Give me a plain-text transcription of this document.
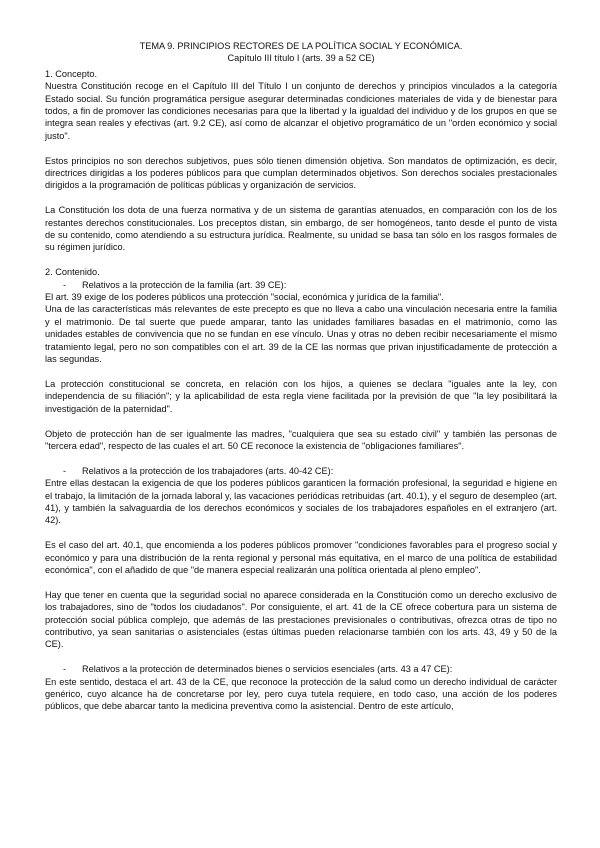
TEMA 9. PRINCIPIOS RECTORES DE LA POLÍTICA SOCIAL Y ECONÓMICA.
Capítulo III título I (arts. 39 a 52 CE)
1. Concepto.

Nuestra Constitución recoge en el Capítulo III del Título I un conjunto de derechos y principios vinculados a la categoría Estado social. Su función programática persigue asegurar determinadas condiciones materiales de vida y de bienestar para todos, a fin de promover las condiciones necesarias para que la libertad y la igualdad del individuo y de los grupos en que se integra sean reales y efectivas (art. 9.2 CE), así como de alcanzar el objetivo programático de un "orden económico y social justo".

Estos principios no son derechos subjetivos, pues sólo tienen dimensión objetiva. Son mandatos de optimización, es decir, directrices dirigidas a los poderes públicos para que cumplan determinados objetivos. Son derechos sociales prestacionales dirigidos a la programación de políticas públicas y organización de servicios.

La Constitución los dota de una fuerza normativa y de un sistema de garantías atenuados, en comparación con los de los restantes derechos constitucionales. Los preceptos distan, sin embargo, de ser homogéneos, tanto desde el punto de vista de su contenido, como atendiendo a su estructura jurídica. Realmente, su unidad se basa tan sólo en los rasgos formales de su régimen jurídico.

2. Contenido.
-	Relativos a la protección de la familia (art. 39 CE):

El art. 39 exige de los poderes públicos una protección "social, económica y jurídica de la familia".

Una de las características más relevantes de este precepto es que no lleva a cabo una vinculación necesaria entre la familia y el matrimonio. De tal suerte que puede amparar, tanto las unidades familiares basadas en el matrimonio, como las unidades estables de convivencia que no se fundan en ese vínculo. Unas y otras no deben recibir necesariamente el mismo tratamiento legal, pero no son compatibles con el art. 39 de la CE las normas que privan injustificadamente de protección a las segundas.

La protección constitucional se concreta, en relación con los hijos, a quienes se declara "iguales ante la ley, con independencia de su filiación"; y la aplicabilidad de esta regla viene facilitada por la previsión de que "la ley posibilitará la investigación de la paternidad".

Objeto de protección han de ser igualmente las madres, "cualquiera que sea su estado civil" y también las personas de "tercera edad", respecto de las cuales el art. 50 CE reconoce la existencia de "obligaciones familiares".

-	Relativos a la protección de los trabajadores (arts. 40-42 CE):

Entre ellas destacan la exigencia de que los poderes públicos garanticen la formación profesional, la seguridad e higiene en el trabajo, la limitación de la jornada laboral y, las vacaciones periódicas retribuidas (art. 40.1), y el seguro de desempleo (art. 41), y también la salvaguardia de los derechos económicos y sociales de los trabajadores españoles en el extranjero (art. 42).

Es el caso del art. 40.1, que encomienda a los poderes públicos promover "condiciones favorables para el progreso social y económico y para una distribución de la renta regional y personal más equitativa, en el marco de una política de estabilidad económica", con el añadido de que "de manera especial realizarán una política orientada al pleno empleo".

Hay que tener en cuenta que la seguridad social no aparece considerada en la Constitución como un derecho exclusivo de los trabajadores, sino de "todos los ciudadanos". Por consiguiente, el art. 41 de la CE ofrece cobertura para un sistema de protección social pública complejo, que además de las prestaciones previsionales o contributivas, ofrezca otras de tipo no contributivo, ya sean sanitarias o asistenciales (estas últimas pueden relacionarse también con los arts. 43, 49 y 50 de la CE).

-	Relativos a la protección de determinados bienes o servicios esenciales (arts. 43 a 47 CE):

En este sentido, destaca el art. 43 de la CE, que reconoce la protección de la salud como un derecho individual de carácter genérico, cuyo alcance ha de concretarse por ley, pero cuya tutela requiere, en todo caso, una acción de los poderes públicos, que debe abarcar tanto la medicina preventiva como la asistencial. Dentro de este artículo,
